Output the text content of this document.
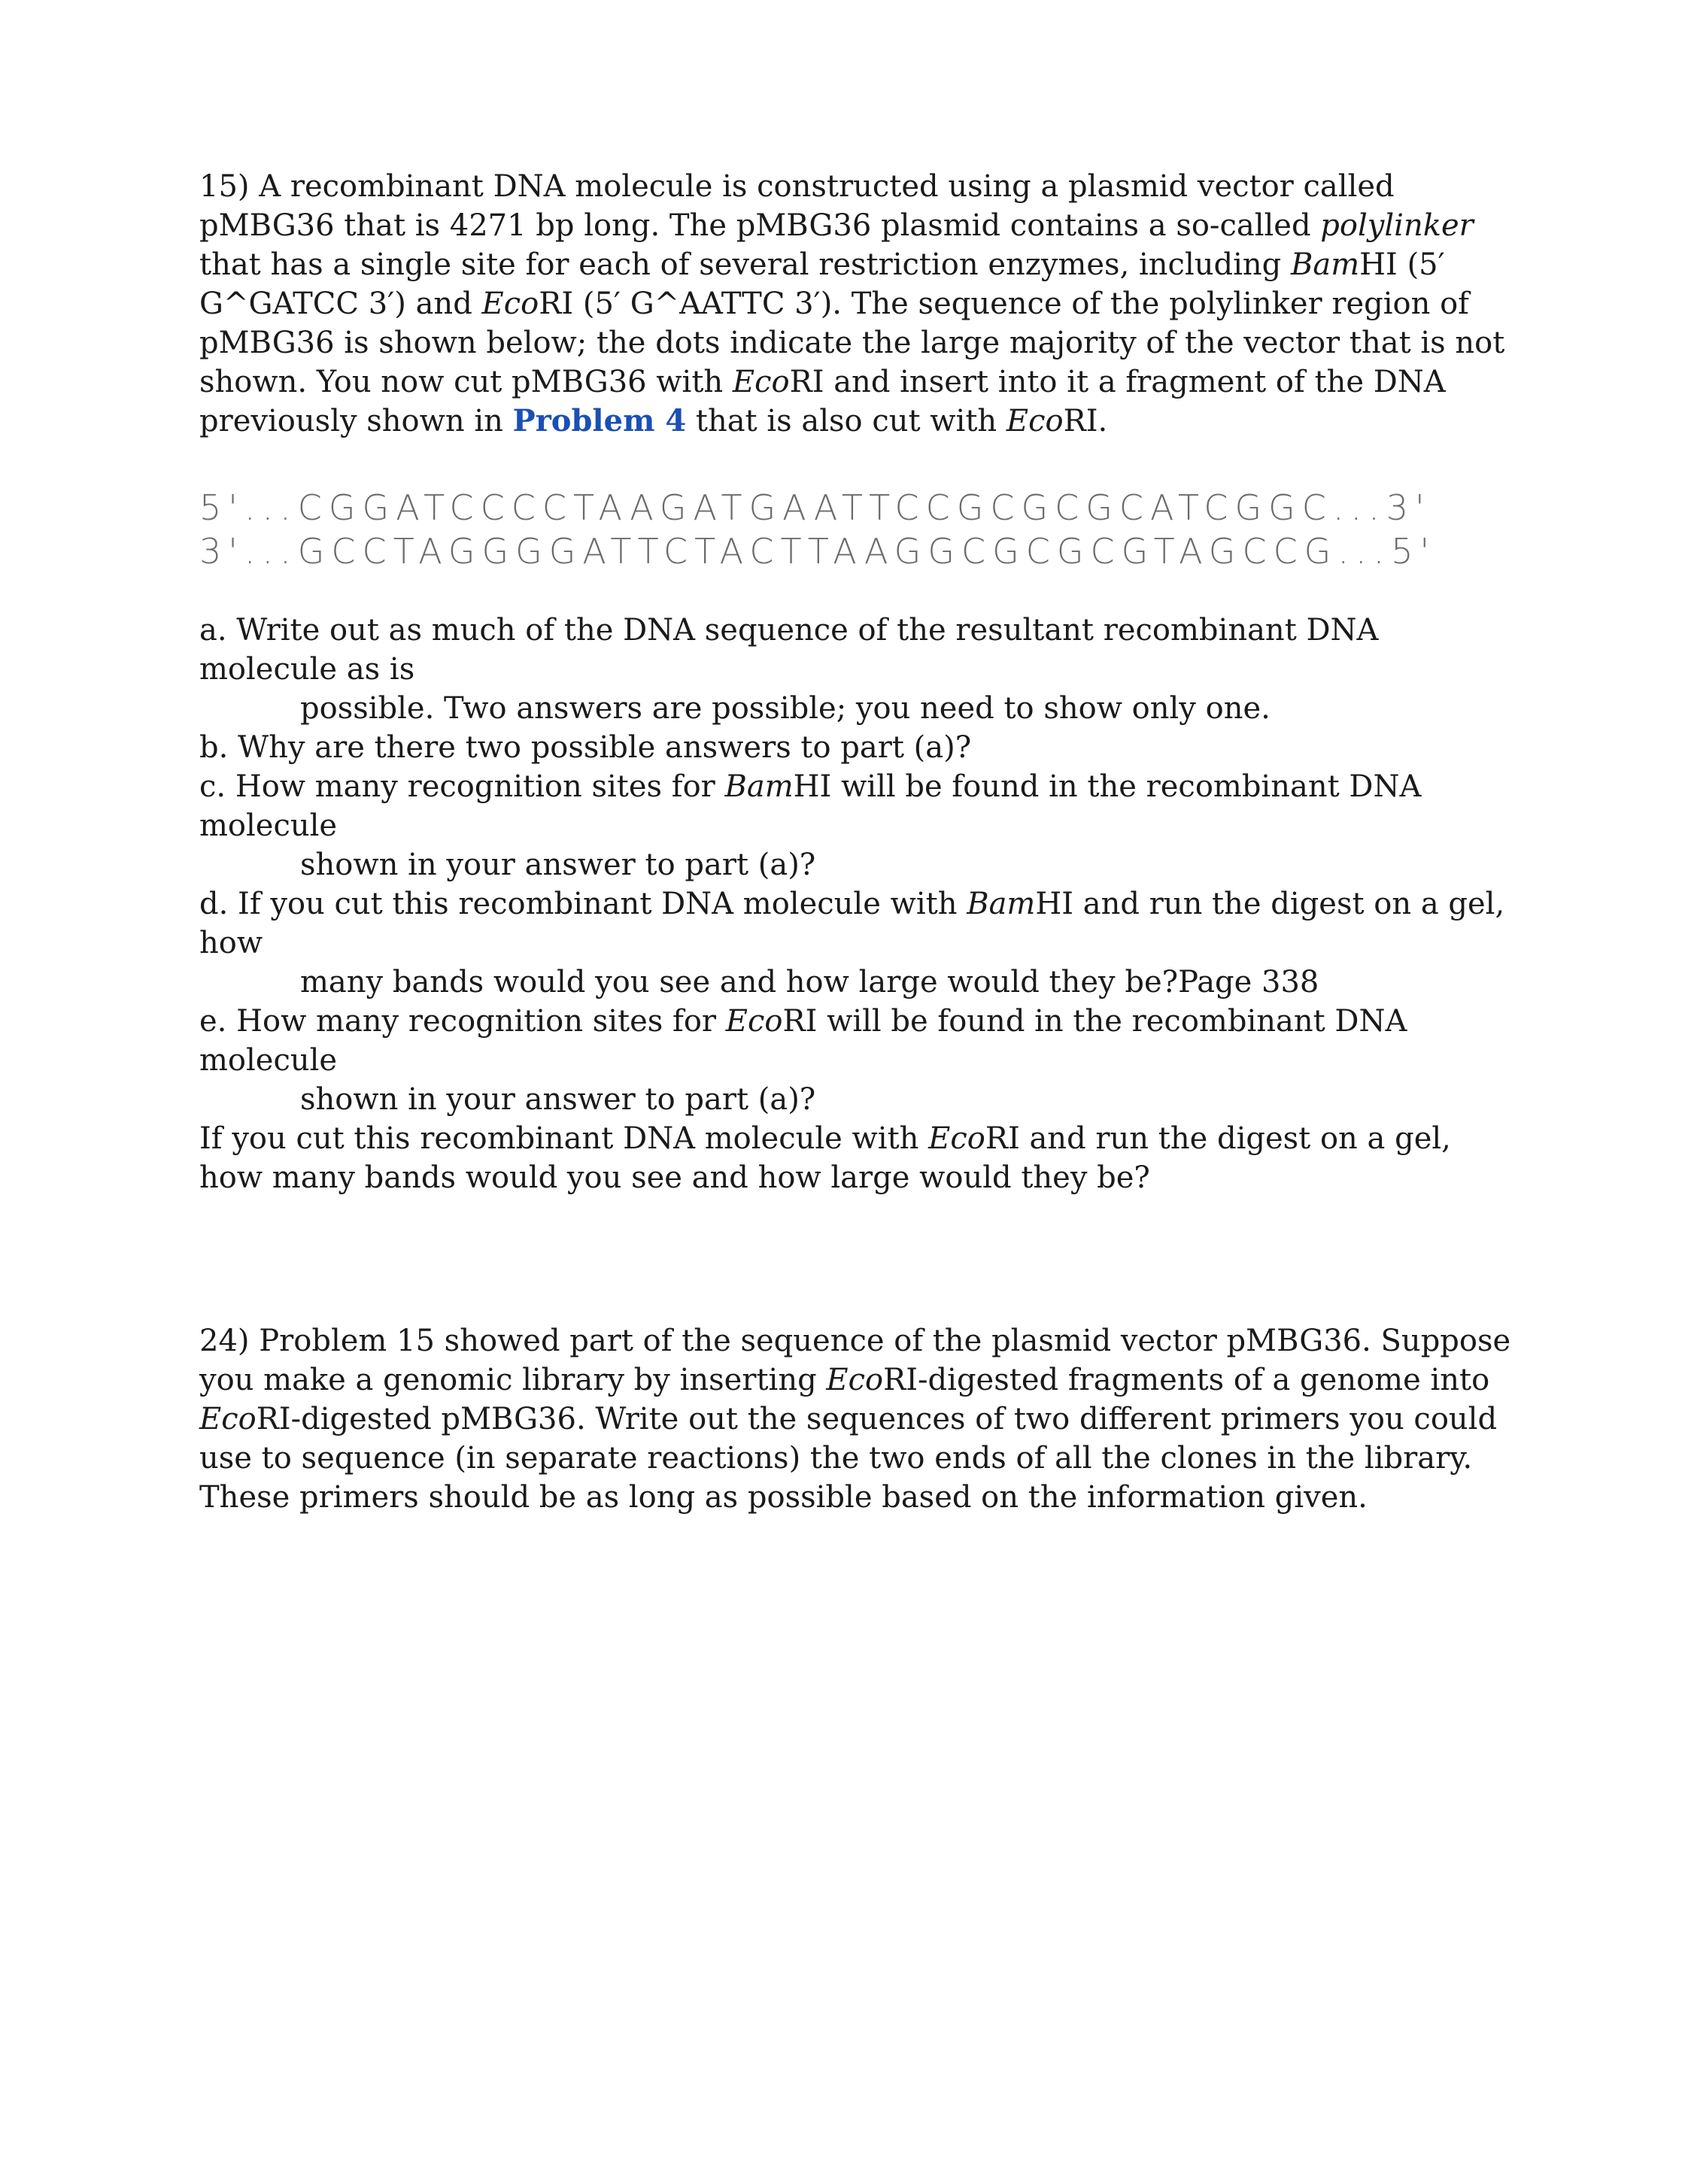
15) A recombinant DNA molecule is constructed using a plasmid vector called pMBG36 that is 4271 bp long. The pMBG36 plasmid contains a so-called polylinker that has a single site for each of several restriction enzymes, including BamHI (5′ G^GATCC 3′) and EcoRI (5′ G^AATTC 3′). The sequence of the polylinker region of pMBG36 is shown below; the dots indicate the large majority of the vector that is not shown. You now cut pMBG36 with EcoRI and insert into it a fragment of the DNA previously shown in Problem 4 that is also cut with EcoRI.

5'...CGGATCCCCTAAGATGAATTCCGCGCGCATCGGC...3'
3'...GCCTAGGGGATTCTACTTAAGGCGCGCGTAGCCG...5'

a. Write out as much of the DNA sequence of the resultant recombinant DNA molecule as is
possible. Two answers are possible; you need to show only one.

b. Why are there two possible answers to part (a)?

c. How many recognition sites for BamHI will be found in the recombinant DNA molecule
shown in your answer to part (a)?

d. If you cut this recombinant DNA molecule with BamHI and run the digest on a gel, how
many bands would you see and how large would they be?Page 338

e. How many recognition sites for EcoRI will be found in the recombinant DNA molecule
shown in your answer to part (a)?

If you cut this recombinant DNA molecule with EcoRI and run the digest on a gel, how many bands would you see and how large would they be?

24) Problem 15 showed part of the sequence of the plasmid vector pMBG36. Suppose you make a genomic library by inserting EcoRI-digested fragments of a genome into EcoRI-digested pMBG36. Write out the sequences of two different primers you could use to sequence (in separate reactions) the two ends of all the clones in the library. These primers should be as long as possible based on the information given.
